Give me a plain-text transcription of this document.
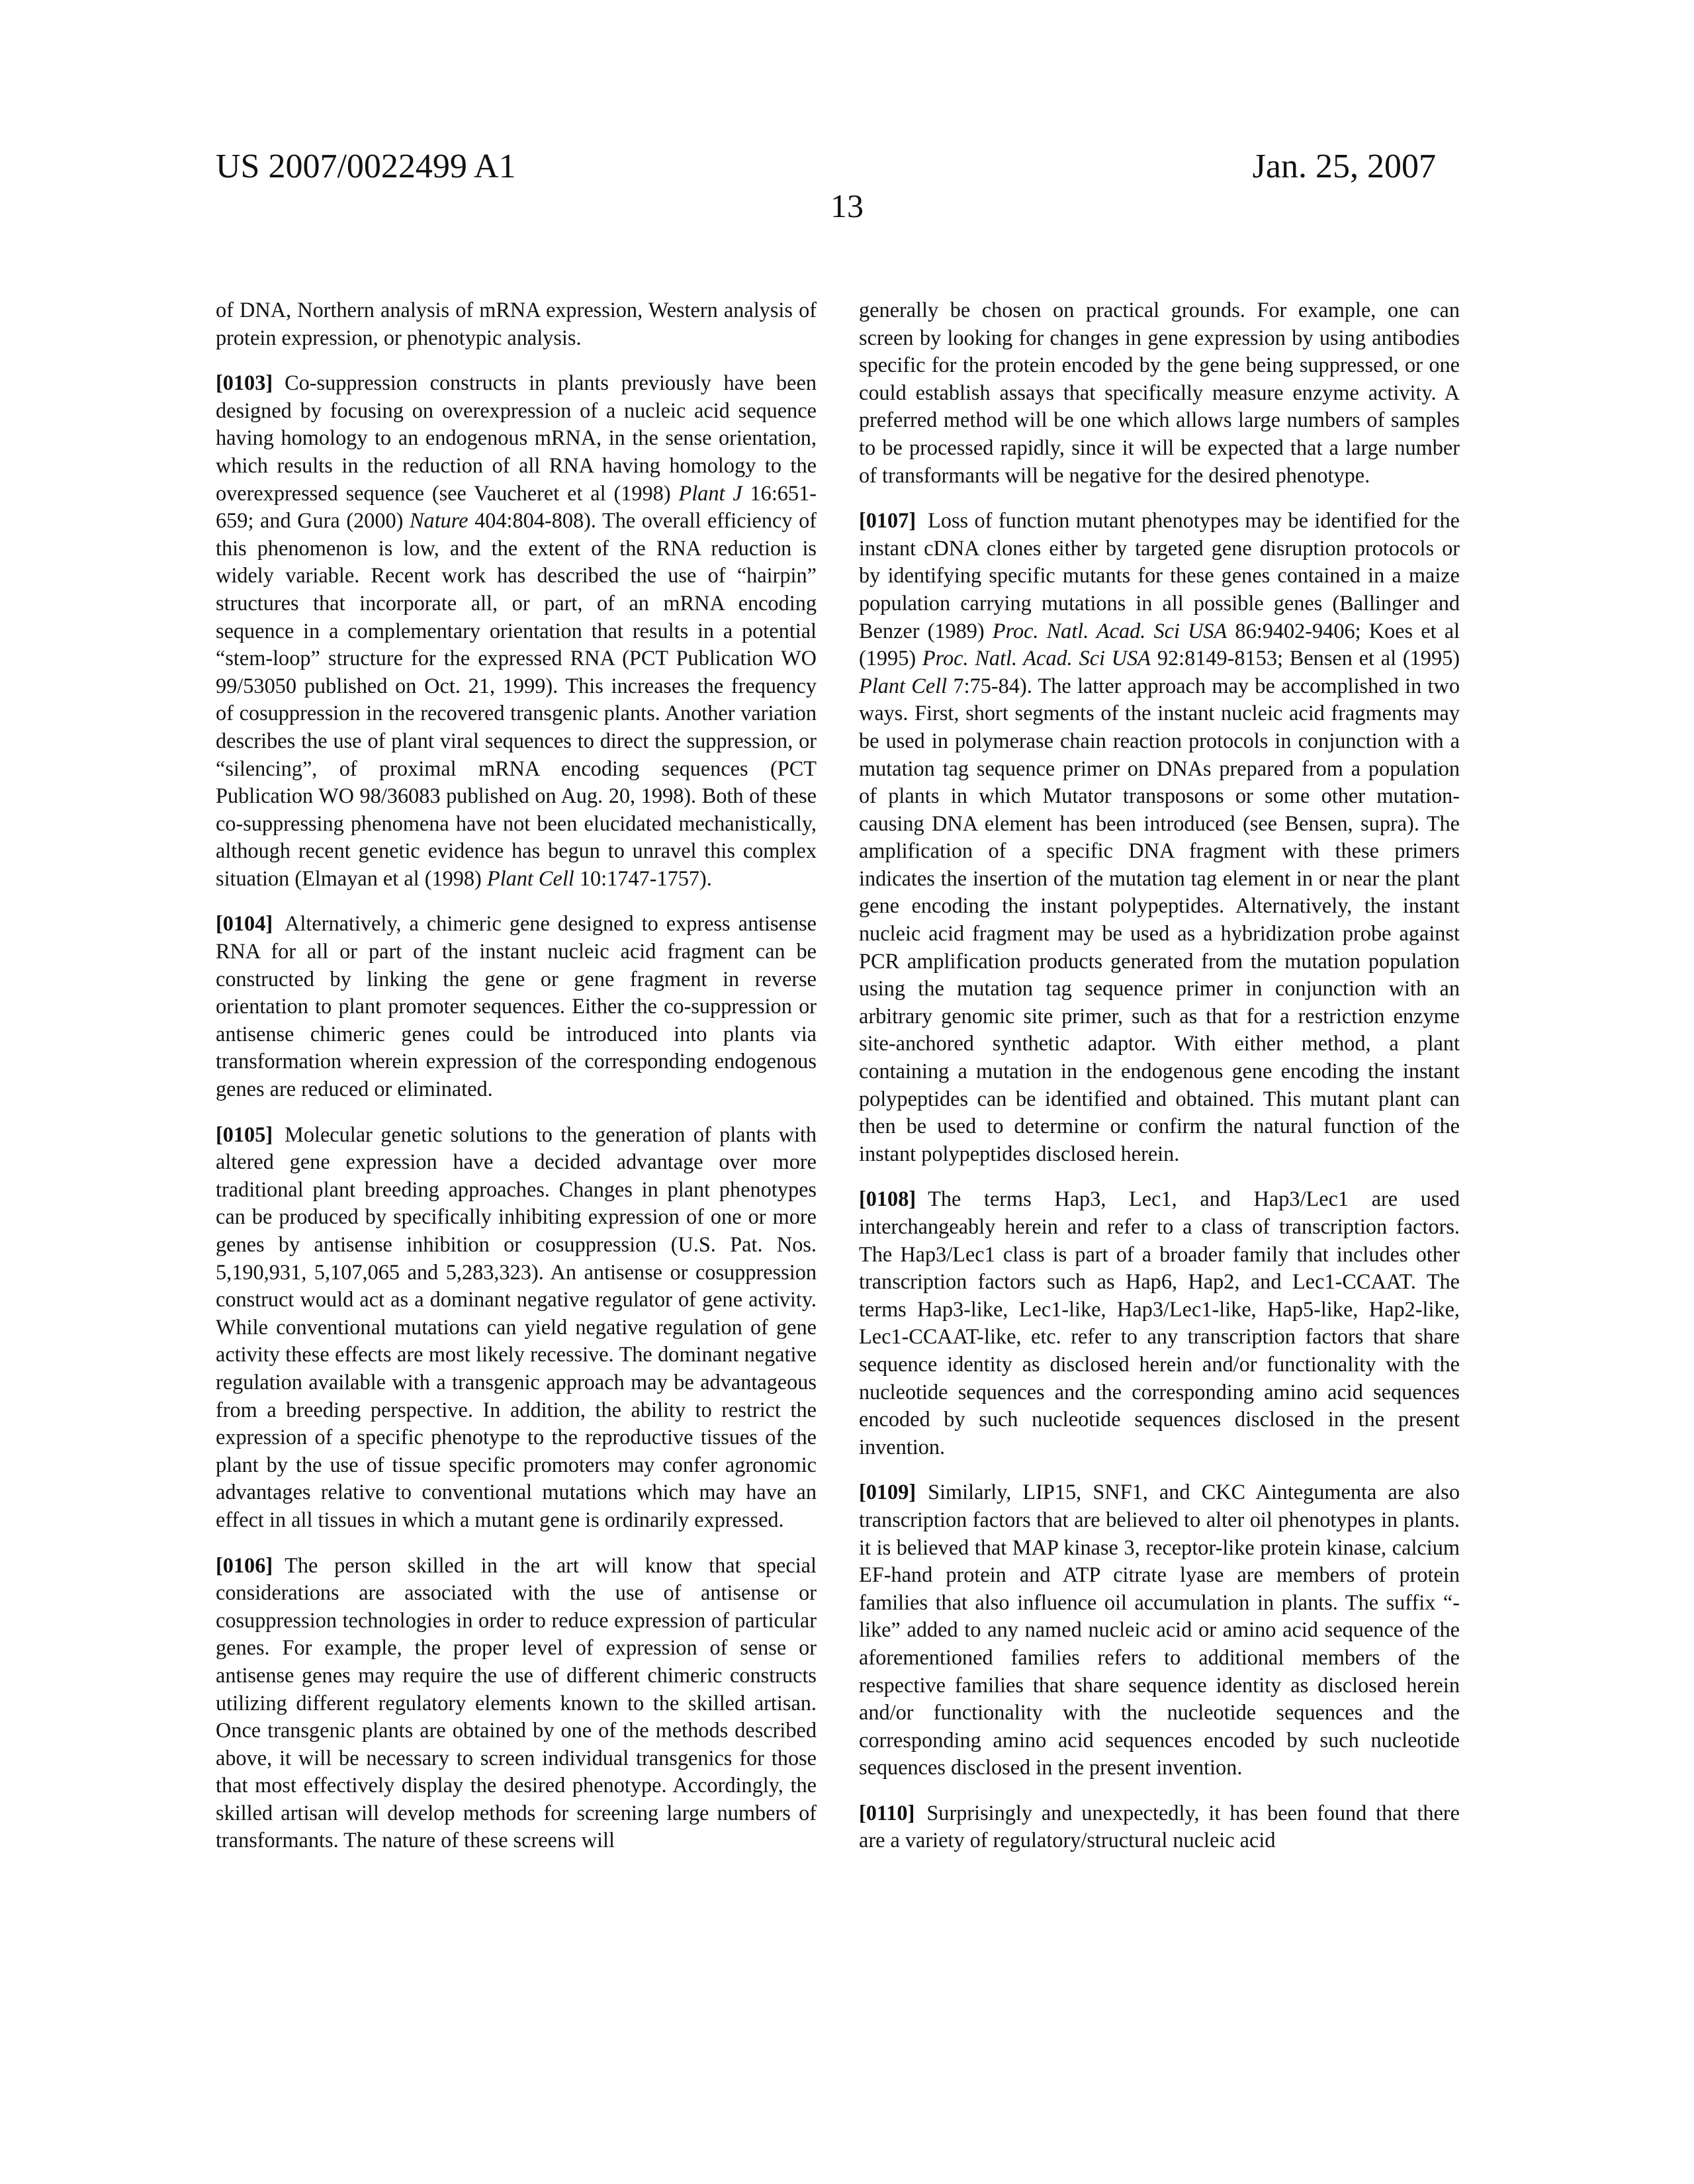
US 2007/0022499 A1	Jan. 25, 2007
13

of DNA, Northern analysis of mRNA expression, Western analysis of protein expression, or phenotypic analysis.

[0103] Co-suppression constructs in plants previously have been designed by focusing on overexpression of a nucleic acid sequence having homology to an endogenous mRNA, in the sense orientation, which results in the reduction of all RNA having homology to the overexpressed sequence (see Vaucheret et al (1998) Plant J 16:651-659; and Gura (2000) Nature 404:804-808). The overall efficiency of this phenomenon is low, and the extent of the RNA reduction is widely variable. Recent work has described the use of “hairpin” structures that incorporate all, or part, of an mRNA encoding sequence in a complementary orientation that results in a potential “stem-loop” structure for the expressed RNA (PCT Publication WO 99/53050 published on Oct. 21, 1999). This increases the frequency of cosuppression in the recovered transgenic plants. Another variation describes the use of plant viral sequences to direct the suppression, or “silencing”, of proximal mRNA encoding sequences (PCT Publication WO 98/36083 published on Aug. 20, 1998). Both of these co-suppressing phenomena have not been elucidated mechanistically, although recent genetic evidence has begun to unravel this complex situation (Elmayan et al (1998) Plant Cell 10:1747-1757).

[0104] Alternatively, a chimeric gene designed to express antisense RNA for all or part of the instant nucleic acid fragment can be constructed by linking the gene or gene fragment in reverse orientation to plant promoter sequences. Either the co-suppression or antisense chimeric genes could be introduced into plants via transformation wherein expression of the corresponding endogenous genes are reduced or eliminated.

[0105] Molecular genetic solutions to the generation of plants with altered gene expression have a decided advantage over more traditional plant breeding approaches. Changes in plant phenotypes can be produced by specifically inhibiting expression of one or more genes by antisense inhibition or cosuppression (U.S. Pat. Nos. 5,190,931, 5,107,065 and 5,283,323). An antisense or cosuppression construct would act as a dominant negative regulator of gene activity. While conventional mutations can yield negative regulation of gene activity these effects are most likely recessive. The dominant negative regulation available with a transgenic approach may be advantageous from a breeding perspective. In addition, the ability to restrict the expression of a specific phenotype to the reproductive tissues of the plant by the use of tissue specific promoters may confer agronomic advantages relative to conventional mutations which may have an effect in all tissues in which a mutant gene is ordinarily expressed.

[0106] The person skilled in the art will know that special considerations are associated with the use of antisense or cosuppression technologies in order to reduce expression of particular genes. For example, the proper level of expression of sense or antisense genes may require the use of different chimeric constructs utilizing different regulatory elements known to the skilled artisan. Once transgenic plants are obtained by one of the methods described above, it will be necessary to screen individual transgenics for those that most effectively display the desired phenotype. Accordingly, the skilled artisan will develop methods for screening large numbers of transformants. The nature of these screens will

generally be chosen on practical grounds. For example, one can screen by looking for changes in gene expression by using antibodies specific for the protein encoded by the gene being suppressed, or one could establish assays that specifically measure enzyme activity. A preferred method will be one which allows large numbers of samples to be processed rapidly, since it will be expected that a large number of transformants will be negative for the desired phenotype.

[0107] Loss of function mutant phenotypes may be identified for the instant cDNA clones either by targeted gene disruption protocols or by identifying specific mutants for these genes contained in a maize population carrying mutations in all possible genes (Ballinger and Benzer (1989) Proc. Natl. Acad. Sci USA 86:9402-9406; Koes et al (1995) Proc. Natl. Acad. Sci USA 92:8149-8153; Bensen et al (1995) Plant Cell 7:75-84). The latter approach may be accomplished in two ways. First, short segments of the instant nucleic acid fragments may be used in polymerase chain reaction protocols in conjunction with a mutation tag sequence primer on DNAs prepared from a population of plants in which Mutator transposons or some other mutation-causing DNA element has been introduced (see Bensen, supra). The amplification of a specific DNA fragment with these primers indicates the insertion of the mutation tag element in or near the plant gene encoding the instant polypeptides. Alternatively, the instant nucleic acid fragment may be used as a hybridization probe against PCR amplification products generated from the mutation population using the mutation tag sequence primer in conjunction with an arbitrary genomic site primer, such as that for a restriction enzyme site-anchored synthetic adaptor. With either method, a plant containing a mutation in the endogenous gene encoding the instant polypeptides can be identified and obtained. This mutant plant can then be used to determine or confirm the natural function of the instant polypeptides disclosed herein.

[0108] The terms Hap3, Lec1, and Hap3/Lec1 are used interchangeably herein and refer to a class of transcription factors. The Hap3/Lec1 class is part of a broader family that includes other transcription factors such as Hap6, Hap2, and Lec1-CCAAT. The terms Hap3-like, Lec1-like, Hap3/Lec1-like, Hap5-like, Hap2-like, Lec1-CCAAT-like, etc. refer to any transcription factors that share sequence identity as disclosed herein and/or functionality with the nucleotide sequences and the corresponding amino acid sequences encoded by such nucleotide sequences disclosed in the present invention.

[0109] Similarly, LIP15, SNF1, and CKC Aintegumenta are also transcription factors that are believed to alter oil phenotypes in plants. it is believed that MAP kinase 3, receptor-like protein kinase, calcium EF-hand protein and ATP citrate lyase are members of protein families that also influence oil accumulation in plants. The suffix “-like” added to any named nucleic acid or amino acid sequence of the aforementioned families refers to additional members of the respective families that share sequence identity as disclosed herein and/or functionality with the nucleotide sequences and the corresponding amino acid sequences encoded by such nucleotide sequences disclosed in the present invention.

[0110] Surprisingly and unexpectedly, it has been found that there are a variety of regulatory/structural nucleic acid
